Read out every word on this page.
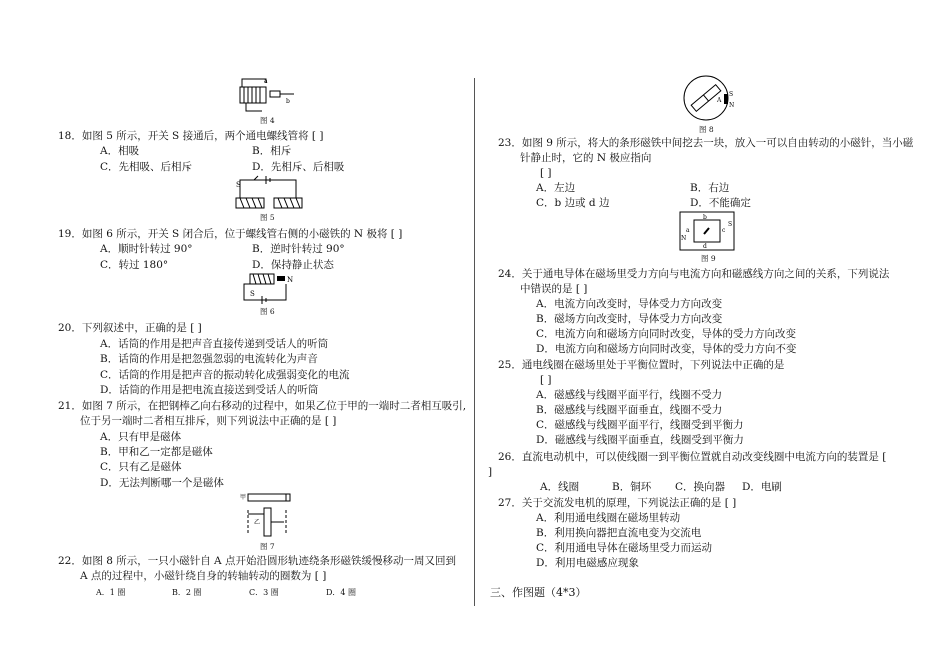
a
b
图 4
18．如图 5 所示，开关 S 接通后，两个通电螺线管将 [ ]
A．相吸	B．相斥
C．先相吸、后相斥	D．先相斥、后相吸
S
图 5
19．如图 6 所示，开关 S 闭合后，位于螺线管右侧的小磁铁的 N 极将 [ ]
A．顺时针转过 90°	B．逆时针转过 90°
C．转过 180°	D．保持静止状态
S
N
图 6
20．下列叙述中，正确的是 [ ]
A．话筒的作用是把声音直接传递到受话人的听筒
B．话筒的作用是把忽强忽弱的电流转化为声音
C．话筒的作用是把声音的振动转化成强弱变化的电流
D．话筒的作用是把电流直接送到受话人的听筒
21．如图 7 所示，在把钢棒乙向右移动的过程中，如果乙位于甲的一端时二者相互吸引,
位于另一端时二者相互排斥，则下列说法中正确的是 [ ]
A．只有甲是磁体
B．甲和乙一定都是磁体
C．只有乙是磁体
D．无法判断哪一个是磁体
甲
乙
图 7
22．如图 8 所示，一只小磁针自 A 点开始沿圆形轨迹绕条形磁铁缓慢移动一周又回到
A 点的过程中，小磁针绕自身的转轴转动的圈数为 [ ]
A．1 圈	B．2 圈	C．3 圈	D．4 圈
S
N
A
图 8
23．如图 9 所示，将大的条形磁铁中间挖去一块，放入一可以自由转动的小磁针，当小磁
针静止时，它的 N 极应指向
[ ]
A．左边	B．右边
C．b 边或 d 边	D．不能确定
b
d
a	c
N
S
图 9
24．关于通电导体在磁场里受力方向与电流方向和磁感线方向之间的关系，下列说法
中错误的是 [ ]
A．电流方向改变时，导体受力方向改变
B．磁场方向改变时，导体受力方向改变
C．电流方向和磁场方向同时改变，导体的受力方向改变
D．电流方向和磁场方向同时改变，导体的受力方向不变
25．通电线圈在磁场里处于平衡位置时，下列说法中正确的是
[ ]
A．磁感线与线圈平面平行，线圈不受力
B．磁感线与线圈平面垂直，线圈不受力
C．磁感线与线圈平面平行，线圈受到平衡力
D．磁感线与线圈平面垂直，线圈受到平衡力
26．直流电动机中，可以使线圈一到平衡位置就自动改变线圈中电流方向的装置是 [
]
A．线圈	B．铜环 C．换向器 D．电刷
27．关于交流发电机的原理，下列说法正确的是 [ ]
A．利用通电线圈在磁场里转动
B．利用换向器把直流电变为交流电
C．利用通电导体在磁场里受力而运动
D．利用电磁感应现象
三、作图题（4*3）
